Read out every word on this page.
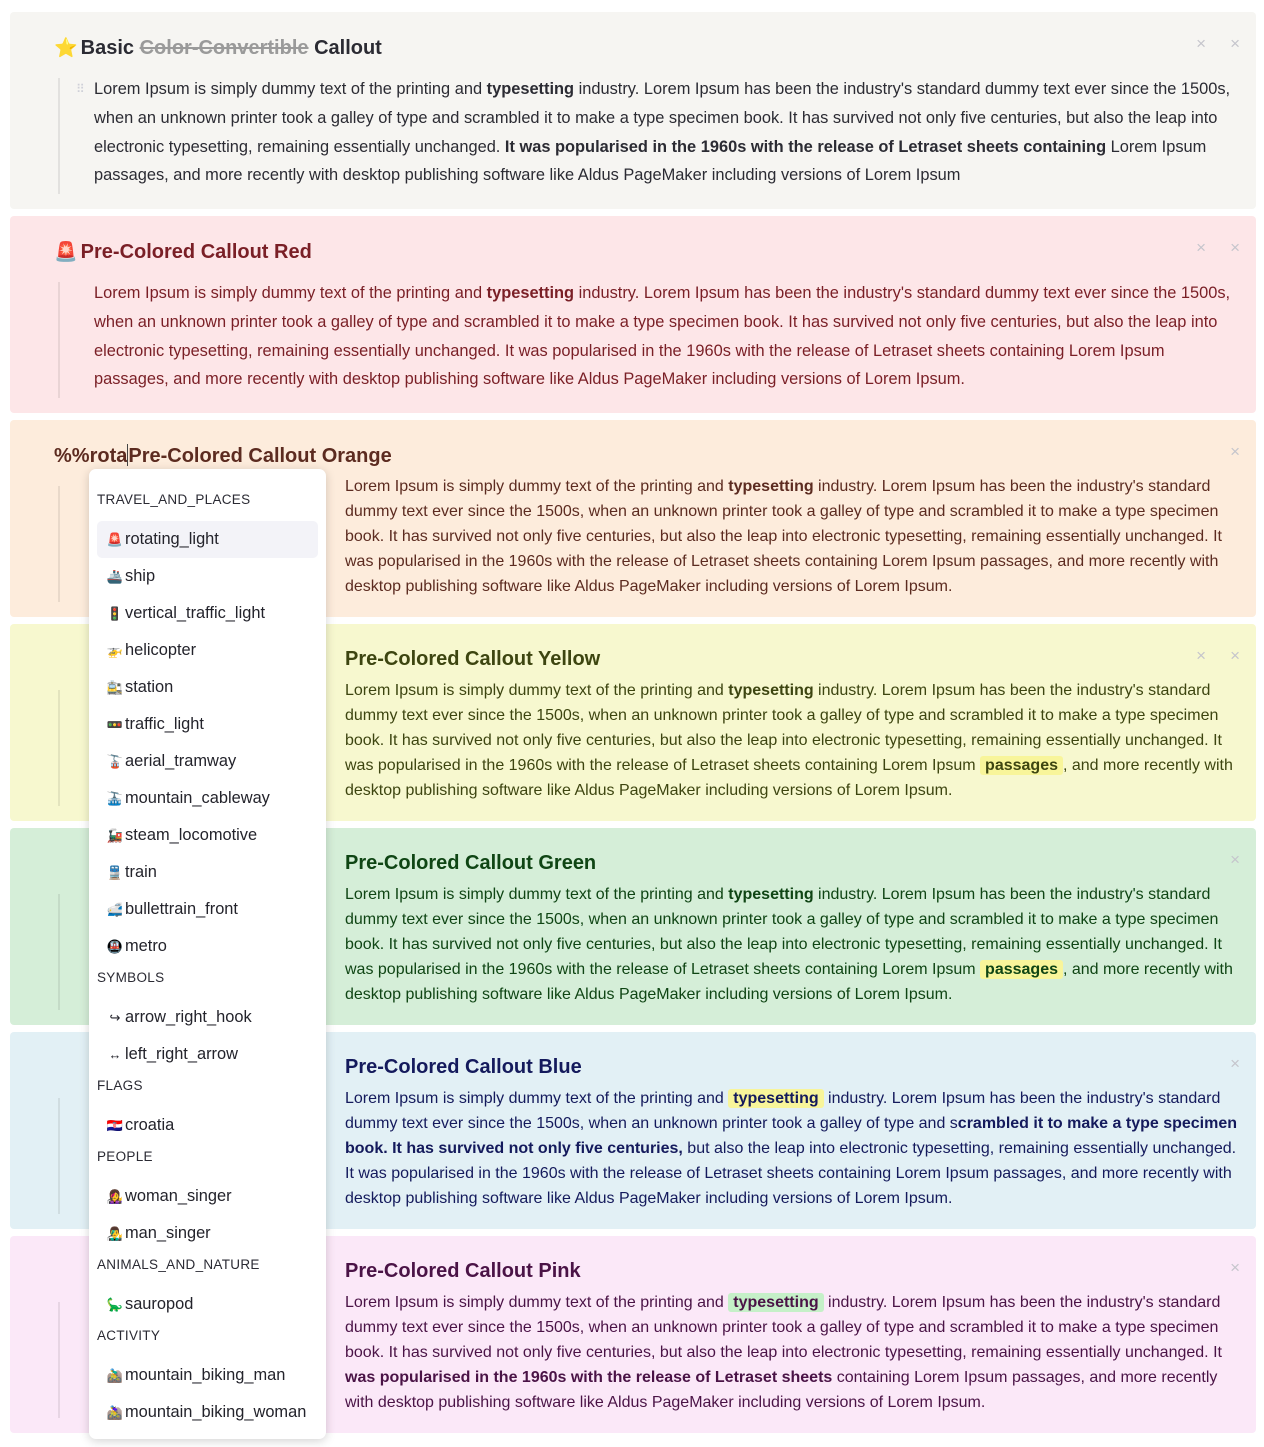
⭐ Basic Color-Convertible Callout
⠿ Lorem Ipsum is simply dummy text of the printing and typesetting industry. Lorem Ipsum has been the industry's standard dummy text ever since the 1500s, when an unknown printer took a galley of type and scrambled it to make a type specimen book. It has survived not only five centuries, but also the leap into electronic typesetting, remaining essentially unchanged. It was popularised in the 1960s with the release of Letraset sheets containing Lorem Ipsum passages, and more recently with desktop publishing software like Aldus PageMaker including versions of Lorem Ipsum
×
×
🚨 Pre-Colored Callout Red
Lorem Ipsum is simply dummy text of the printing and typesetting industry. Lorem Ipsum has been the industry's standard dummy text ever since the 1500s, when an unknown printer took a galley of type and scrambled it to make a type specimen book. It has survived not only five centuries, but also the leap into electronic typesetting, remaining essentially unchanged. It was popularised in the 1960s with the release of Letraset sheets containing Lorem Ipsum passages, and more recently with desktop publishing software like Aldus PageMaker including versions of Lorem Ipsum.
×
×
%%rotaPre-Colored Callout Orange
Lorem Ipsum is simply dummy text of the printing and typesetting industry. Lorem Ipsum has been the industry's standard dummy text ever since the 1500s, when an unknown printer took a galley of type and scrambled it to make a type specimen book. It has survived not only five centuries, but also the leap into electronic typesetting, remaining essentially unchanged. It was popularised in the 1960s with the release of Letraset sheets containing Lorem Ipsum passages, and more recently with desktop publishing software like Aldus PageMaker including versions of Lorem Ipsum.
×
Pre-Colored Callout Yellow
Lorem Ipsum is simply dummy text of the printing and typesetting industry. Lorem Ipsum has been the industry's standard dummy text ever since the 1500s, when an unknown printer took a galley of type and scrambled it to make a type specimen book. It has survived not only five centuries, but also the leap into electronic typesetting, remaining essentially unchanged. It was popularised in the 1960s with the release of Letraset sheets containing Lorem Ipsum passages , and more recently with desktop publishing software like Aldus PageMaker including versions of Lorem Ipsum.
×
×
Pre-Colored Callout Green
Lorem Ipsum is simply dummy text of the printing and typesetting industry. Lorem Ipsum has been the industry's standard dummy text ever since the 1500s, when an unknown printer took a galley of type and scrambled it to make a type specimen book. It has survived not only five centuries, but also the leap into electronic typesetting, remaining essentially unchanged. It was popularised in the 1960s with the release of Letraset sheets containing Lorem Ipsum passages , and more recently with desktop publishing software like Aldus PageMaker including versions of Lorem Ipsum.
×
Pre-Colored Callout Blue
Lorem Ipsum is simply dummy text of the printing and typesetting industry. Lorem Ipsum has been the industry's standard dummy text ever since the 1500s, when an unknown printer took a galley of type and scrambled it to make a type specimen book. It has survived not only five centuries, but also the leap into electronic typesetting, remaining essentially unchanged. It was popularised in the 1960s with the release of Letraset sheets containing Lorem Ipsum passages, and more recently with desktop publishing software like Aldus PageMaker including versions of Lorem Ipsum.
×
Pre-Colored Callout Pink
Lorem Ipsum is simply dummy text of the printing and typesetting industry. Lorem Ipsum has been the industry's standard dummy text ever since the 1500s, when an unknown printer took a galley of type and scrambled it to make a type specimen book. It has survived not only five centuries, but also the leap into electronic typesetting, remaining essentially unchanged. It was popularised in the 1960s with the release of Letraset sheets containing Lorem Ipsum passages, and more recently with desktop publishing software like Aldus PageMaker including versions of Lorem Ipsum.
×
TRAVEL_AND_PLACES
🚨 rotating_light
🚢 ship
🚦 vertical_traffic_light
🚁 helicopter
🚉 station
🚥 traffic_light
🚡 aerial_tramway
🚠 mountain_cableway
🚂 steam_locomotive
🚆 train
🚅 bullettrain_front
🚇 metro
SYMBOLS
↪ arrow_right_hook
↔ left_right_arrow
FLAGS
🇭🇷 croatia
PEOPLE
👩‍🎤 woman_singer
👨‍🎤 man_singer
ANIMALS_AND_NATURE
🦕 sauropod
ACTIVITY
🚵‍♂️ mountain_biking_man
🚵‍♀️ mountain_biking_woman
